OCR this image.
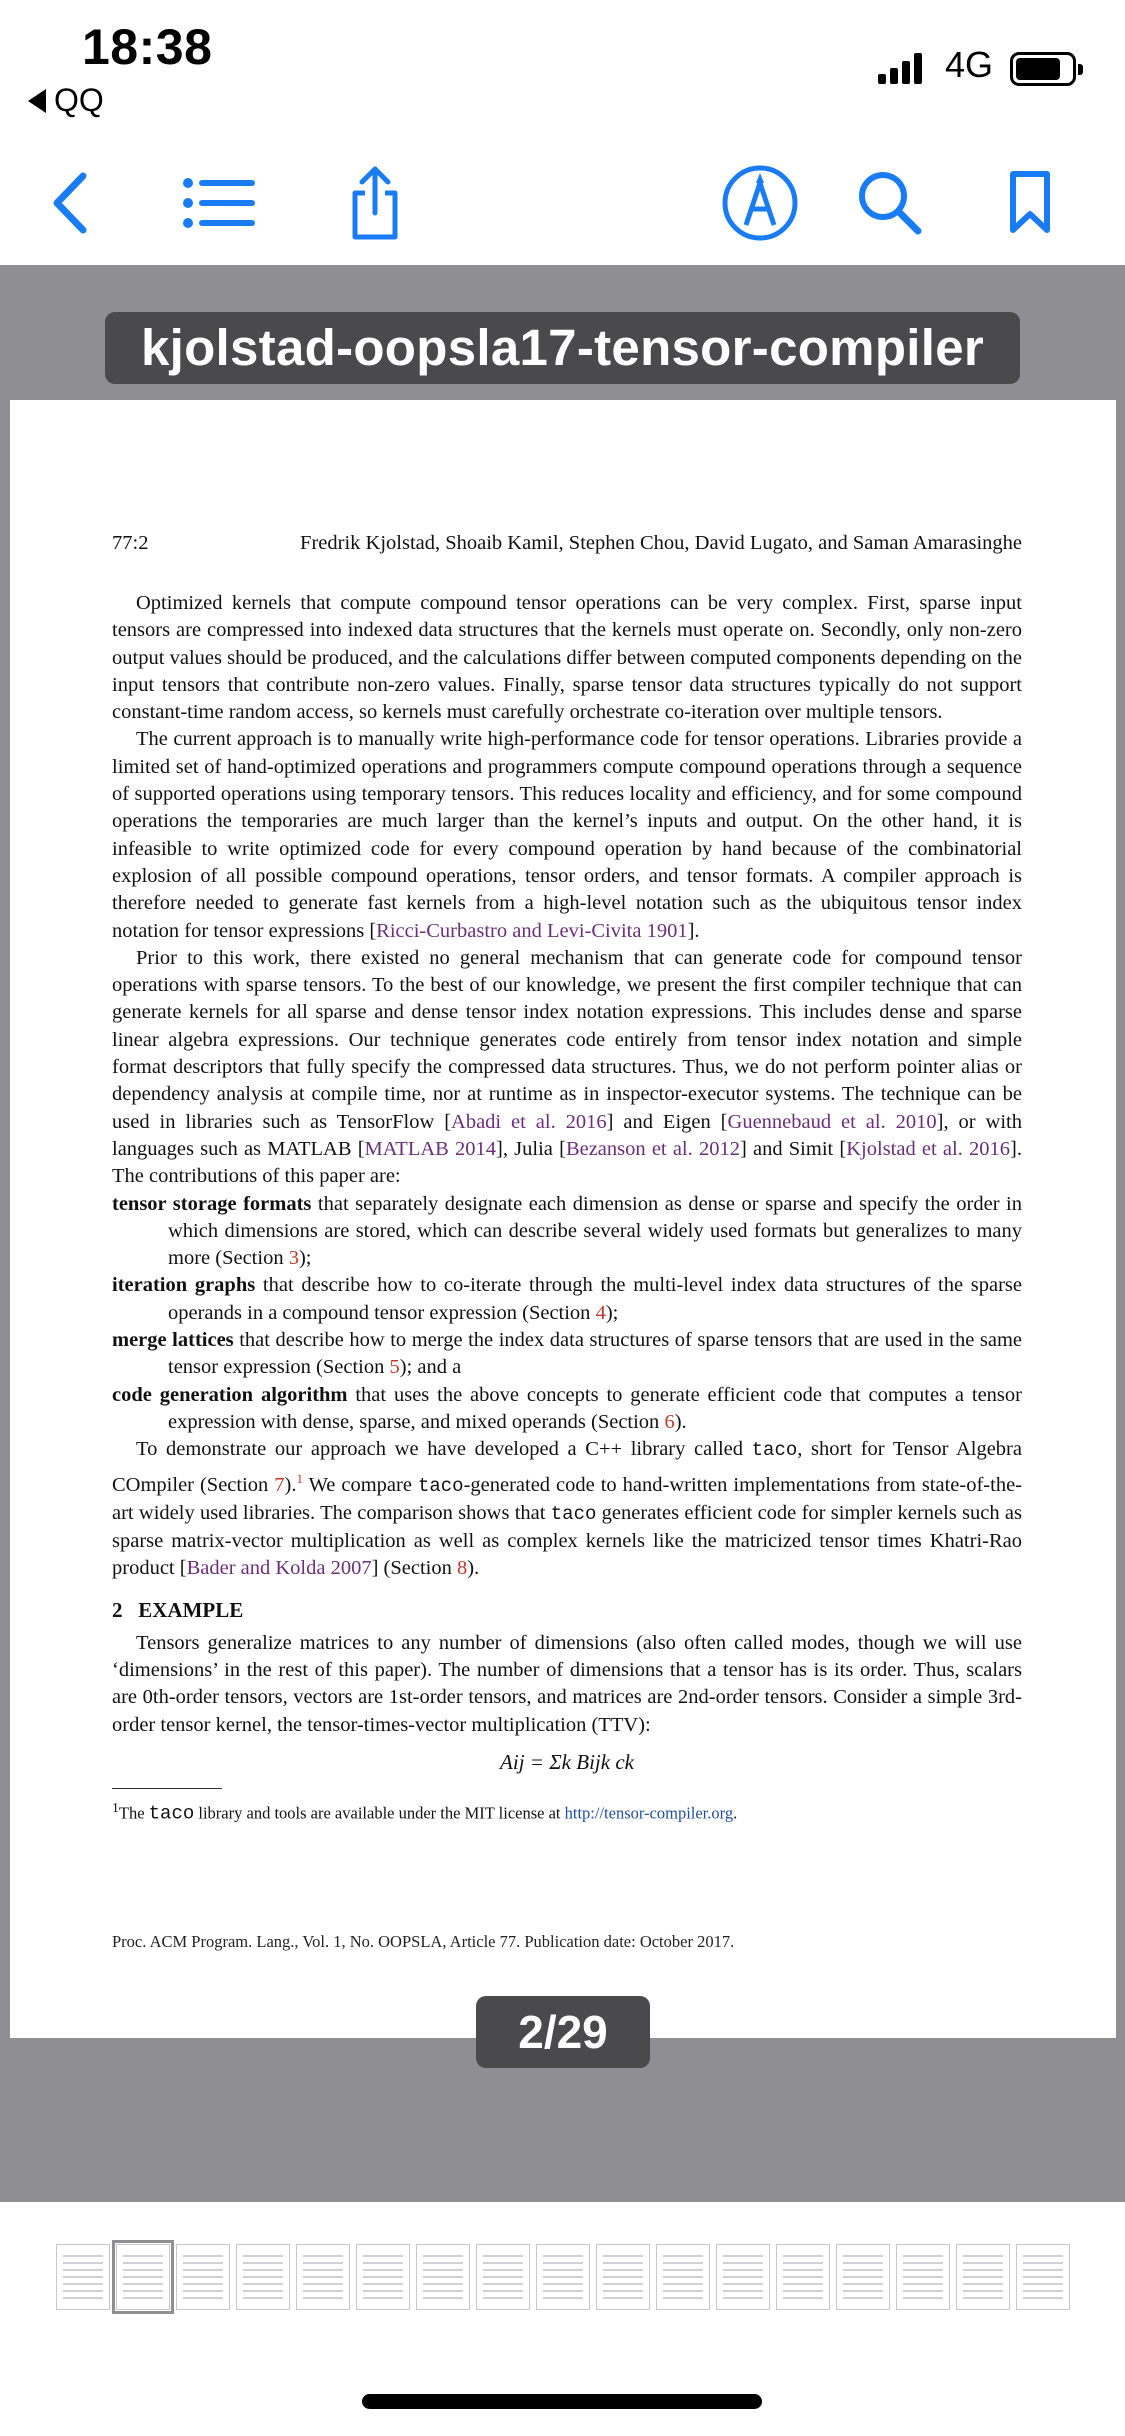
18:38
QQ
4G
kjolstad-oopsla17-tensor-compiler
77:2	Fredrik Kjolstad, Shoaib Kamil, Stephen Chou, David Lugato, and Saman Amarasinghe

Optimized kernels that compute compound tensor operations can be very complex. First, sparse input tensors are compressed into indexed data structures that the kernels must operate on. Secondly, only non-zero output values should be produced, and the calculations differ between computed components depending on the input tensors that contribute non-zero values. Finally, sparse tensor data structures typically do not support constant-time random access, so kernels must carefully orchestrate co-iteration over multiple tensors.

The current approach is to manually write high-performance code for tensor operations. Libraries provide a limited set of hand-optimized operations and programmers compute compound operations through a sequence of supported operations using temporary tensors. This reduces locality and efficiency, and for some compound operations the temporaries are much larger than the kernel’s inputs and output. On the other hand, it is infeasible to write optimized code for every compound operation by hand because of the combinatorial explosion of all possible compound operations, tensor orders, and tensor formats. A compiler approach is therefore needed to generate fast kernels from a high-level notation such as the ubiquitous tensor index notation for tensor expressions [Ricci-Curbastro and Levi-Civita 1901].

Prior to this work, there existed no general mechanism that can generate code for compound tensor operations with sparse tensors. To the best of our knowledge, we present the first compiler technique that can generate kernels for all sparse and dense tensor index notation expressions. This includes dense and sparse linear algebra expressions. Our technique generates code entirely from tensor index notation and simple format descriptors that fully specify the compressed data structures. Thus, we do not perform pointer alias or dependency analysis at compile time, nor at runtime as in inspector-executor systems. The technique can be used in libraries such as TensorFlow [Abadi et al. 2016] and Eigen [Guennebaud et al. 2010], or with languages such as MATLAB [MATLAB 2014], Julia [Bezanson et al. 2012] and Simit [Kjolstad et al. 2016]. The contributions of this paper are:

tensor storage formats that separately designate each dimension as dense or sparse and specify the order in which dimensions are stored, which can describe several widely used formats but generalizes to many more (Section 3);

iteration graphs that describe how to co-iterate through the multi-level index data structures of the sparse operands in a compound tensor expression (Section 4);

merge lattices that describe how to merge the index data structures of sparse tensors that are used in the same tensor expression (Section 5); and a

code generation algorithm that uses the above concepts to generate efficient code that computes a tensor expression with dense, sparse, and mixed operands (Section 6).

To demonstrate our approach we have developed a C++ library called taco, short for Tensor Algebra COmpiler (Section 7).$^1$ We compare taco-generated code to hand-written implementations from state-of-the-art widely used libraries. The comparison shows that taco generates efficient code for simpler kernels such as sparse matrix-vector multiplication as well as complex kernels like the matricized tensor times Khatri-Rao product [Bader and Kolda 2007] (Section 8).

2 EXAMPLE

Tensors generalize matrices to any number of dimensions (also often called modes, though we will use ‘dimensions’ in the rest of this paper). The number of dimensions that a tensor has is its order. Thus, scalars are 0th-order tensors, vectors are 1st-order tensors, and matrices are 2nd-order tensors. Consider a simple 3rd-order tensor kernel, the tensor-times-vector multiplication (TTV):

Aij = Σk Bijk ck

$^1$The taco library and tools are available under the MIT license at http://tensor-compiler.org.

Proc. ACM Program. Lang., Vol. 1, No. OOPSLA, Article 77. Publication date: October 2017.
2/29
